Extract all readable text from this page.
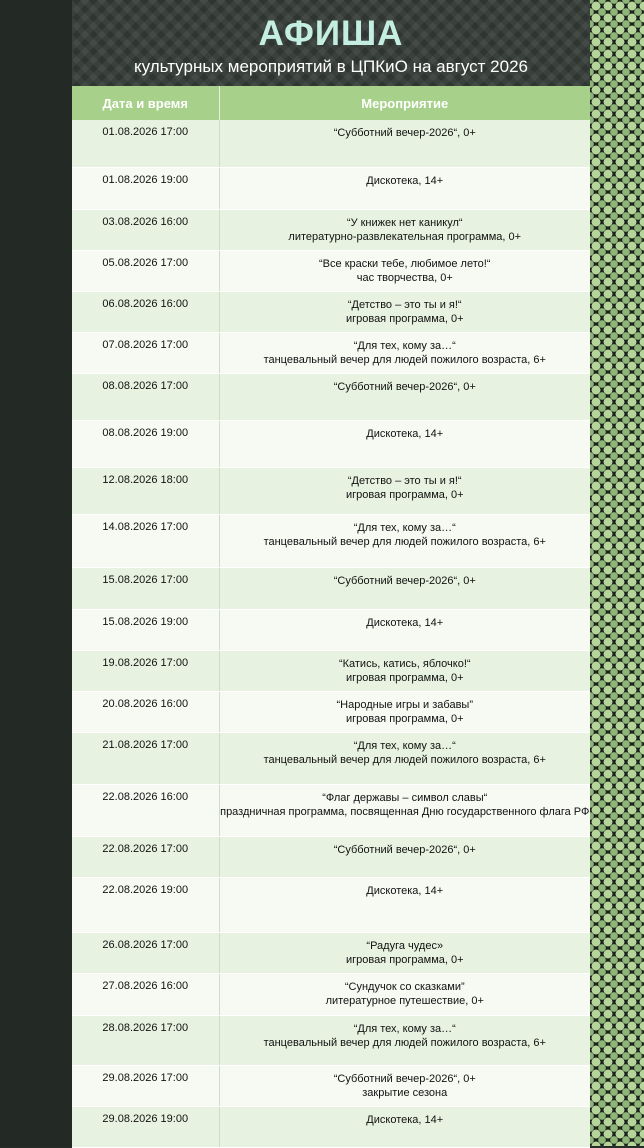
АФИША
культурных мероприятий в ЦПКиО на август 2026
Дата и время	Мероприятие
01.08.2026 17:00	“Субботний вечер-2026“, 0+

01.08.2026 19:00	Дискотека, 14+

03.08.2026 16:00	“У книжек нет каникул“
литературно-развлекательная программа, 0+

05.08.2026 17:00	“Все краски тебе, любимое лето!“
час творчества, 0+

06.08.2026 16:00	“Детство – это ты и я!“
игровая программа, 0+

07.08.2026 17:00	“Для тех, кому за…“
танцевальный вечер для людей пожилого возраста, 6+

08.08.2026 17:00	“Субботний вечер-2026“, 0+

08.08.2026 19:00	Дискотека, 14+

12.08.2026 18:00	“Детство – это ты и я!“
игровая программа, 0+

14.08.2026 17:00	“Для тех, кому за…“
танцевальный вечер для людей пожилого возраста, 6+

15.08.2026 17:00	“Субботний вечер-2026“, 0+

15.08.2026 19:00	Дискотека, 14+

19.08.2026 17:00	“Катись, катись, яблочко!“
игровая программа, 0+

20.08.2026 16:00	“Народные игры и забавы”
игровая программа, 0+

21.08.2026 17:00	“Для тех, кому за…“
танцевальный вечер для людей пожилого возраста, 6+

22.08.2026 16:00	“Флаг державы – символ славы“
праздничная программа, посвященная Дню государственного флага РФ

22.08.2026 17:00	“Субботний вечер-2026“, 0+

22.08.2026 19:00	Дискотека, 14+

26.08.2026 17:00	“Радуга чудес»
игровая программа, 0+

27.08.2026 16:00	“Сундучок со сказками”
литературное путешествие, 0+

28.08.2026 17:00	“Для тех, кому за…“
танцевальный вечер для людей пожилого возраста, 6+

29.08.2026 17:00	“Субботний вечер-2026“, 0+
закрытие сезона

29.08.2026 19:00	Дискотека, 14+
